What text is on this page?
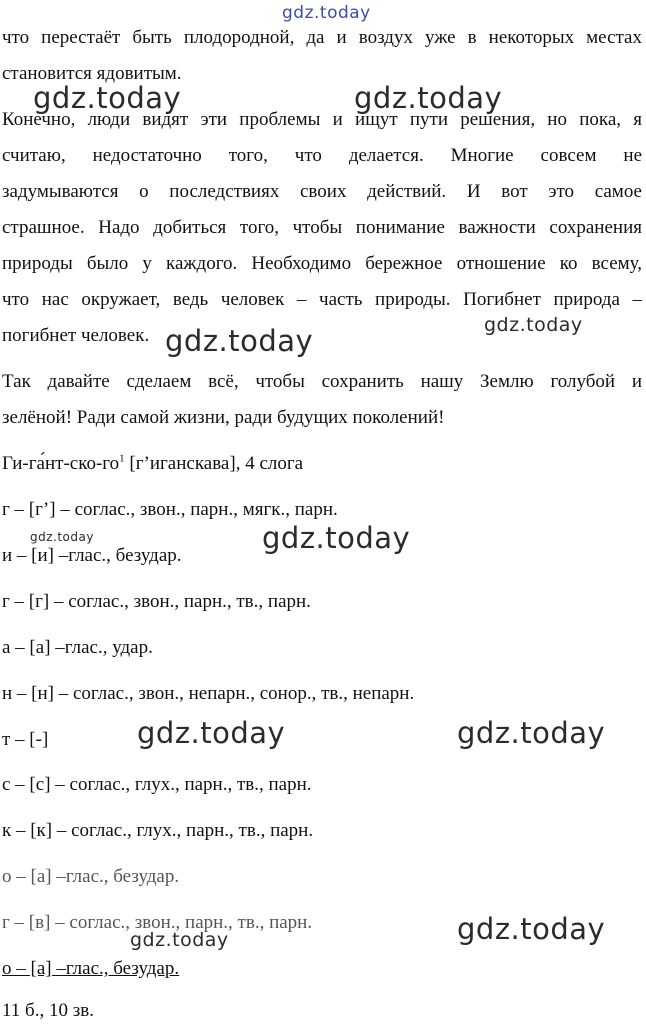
gdz.today
gdz.today	gdz.today
gdz.today
gdz.today
gdz.today
gdz.today
gdz.today	gdz.today
gdz.today
gdz.today
что перестаёт быть плодородной, да и воздух уже в некоторых местах
становится ядовитым.
Конечно, люди видят эти проблемы и ищут пути решения, но пока, я
считаю, недостаточно того, что делается. Многие совсем не
задумываются о последствиях своих действий. И вот это самое
страшное. Надо добиться того, чтобы понимание важности сохранения
природы было у каждого. Необходимо бережное отношение ко всему,
что нас окружает, ведь человек – часть природы. Погибнет природа –
погибнет человек.
Так давайте сделаем всё, чтобы сохранить нашу Землю голубой и
зелёной! Ради самой жизни, ради будущих поколений!
$Ги-га́нт-ско-го^1$ [г’иганскава], 4 слога
г – [г’] – соглас., звон., парн., мягк., парн.
и – [и] –глас., безудар.
г – [г] – соглас., звон., парн., тв., парн.
а – [а] –глас., удар.
н – [н] – соглас., звон., непарн., сонор., тв., непарн.
т – [-]
с – [с] – соглас., глух., парн., тв., парн.
к – [к] – соглас., глух., парн., тв., парн.
о – [а] –глас., безудар.
г – [в] – соглас., звон., парн., тв., парн.
о – [а] –глас., безудар.
11 б., 10 зв.
